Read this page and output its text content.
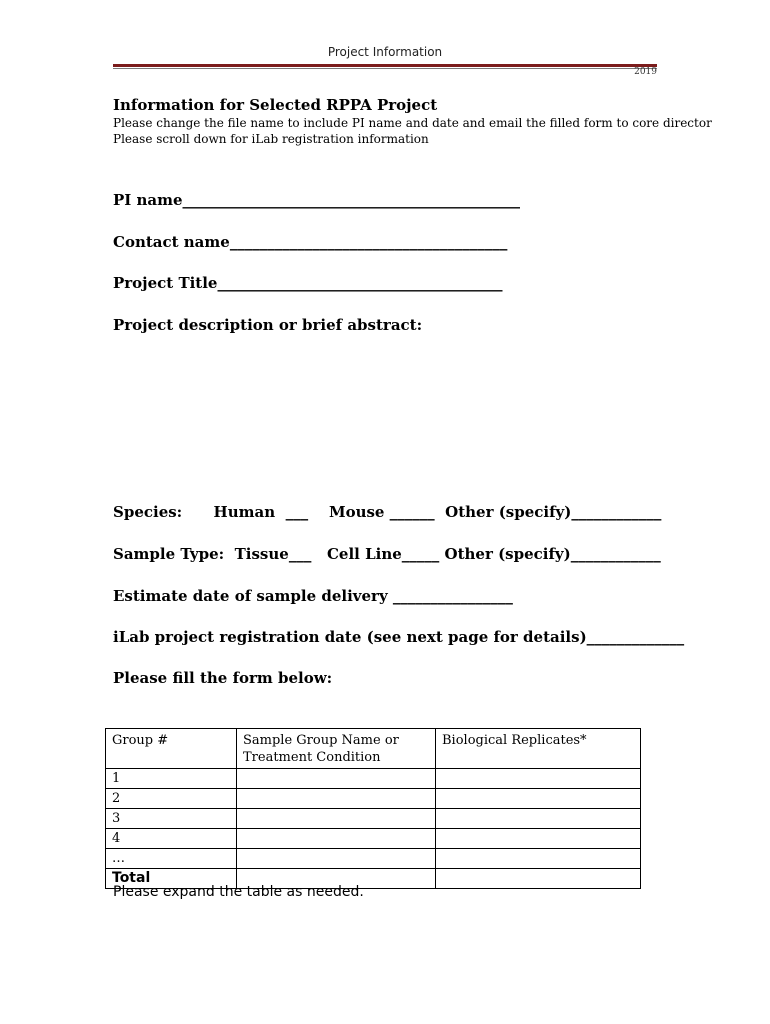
Project Information
2019
Information for Selected RPPA Project
Please change the file name to include PI name and date and email the filled form to core director
Please scroll down for iLab registration information
PI name_____________________________________________
Contact name_____________________________________
Project Title______________________________________
Project description or brief abstract:
Species:      Human  ___    Mouse ______  Other (specify)____________
Sample Type:  Tissue___   Cell Line_____ Other (specify)____________
Estimate date of sample delivery ________________
iLab project registration date (see next page for details)_____________
Please fill the form below:
Group #	Sample Group Name or Treatment Condition	Biological Replicates*
1		
2		
3		
4		
…		
Total		
Please expand the table as needed.
